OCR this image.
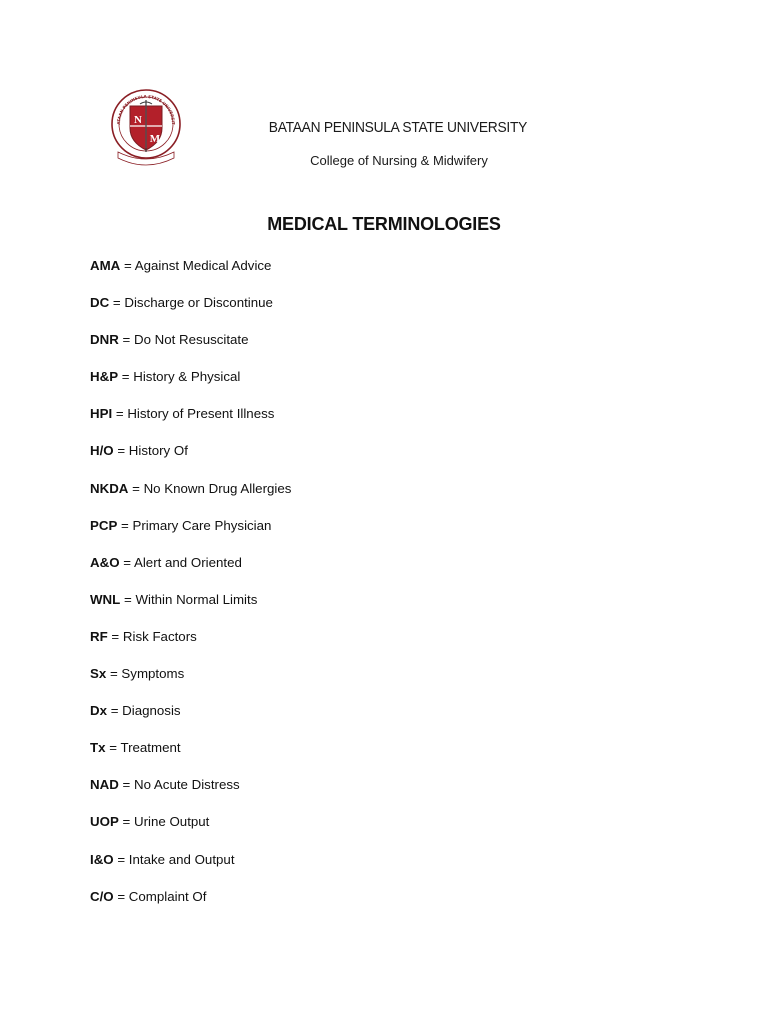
N
M
ATAAN PENINSULA STATE UNIVERSIT	BATAAN PENINSULA STATE UNIVERSITY
College of Nursing & Midwifery
MEDICAL TERMINOLOGIES
AMA = Against Medical Advice
DC = Discharge or Discontinue
DNR = Do Not Resuscitate
H&P = History & Physical
HPI = History of Present Illness
H/O = History Of
NKDA = No Known Drug Allergies
PCP = Primary Care Physician
A&O = Alert and Oriented
WNL = Within Normal Limits
RF = Risk Factors
Sx = Symptoms
Dx = Diagnosis
Tx = Treatment
NAD = No Acute Distress
UOP = Urine Output
I&O = Intake and Output
C/O = Complaint Of
